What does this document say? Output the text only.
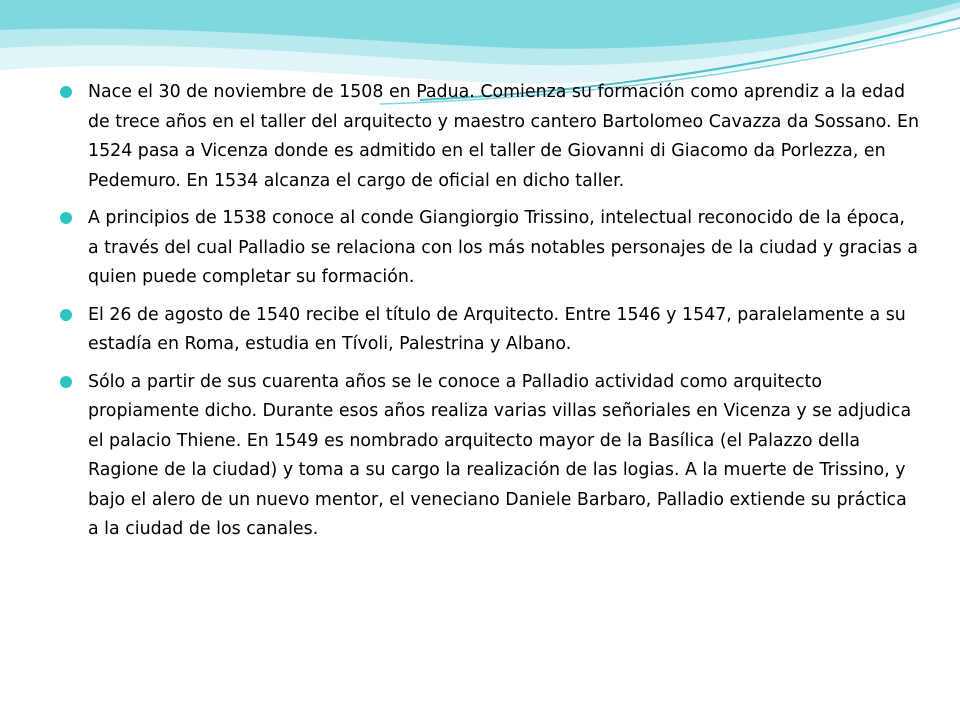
Nace el 30 de noviembre de 1508 en Padua. Comienza su formación como aprendiz a la edad de trece años en el taller del arquitecto y maestro cantero Bartolomeo Cavazza da Sossano. En 1524 pasa a Vicenza donde es admitido en el taller de Giovanni di Giacomo da Porlezza, en Pedemuro. En 1534 alcanza el cargo de oficial en dicho taller.
A principios de 1538 conoce al conde Giangiorgio Trissino, intelectual reconocido de la época, a través del cual Palladio se relaciona con los más notables personajes de la ciudad y gracias a quien puede completar su formación.
El 26 de agosto de 1540 recibe el título de Arquitecto. Entre 1546 y 1547, paralelamente a su estadía en Roma, estudia en Tívoli, Palestrina y Albano.
Sólo a partir de sus cuarenta años se le conoce a Palladio actividad como arquitecto propiamente dicho. Durante esos años realiza varias villas señoriales en Vicenza y se adjudica el palacio Thiene. En 1549 es nombrado arquitecto mayor de la Basílica (el Palazzo della Ragione de la ciudad) y toma a su cargo la realización de las logias. A la muerte de Trissino, y bajo el alero de un nuevo mentor, el veneciano Daniele Barbaro, Palladio extiende su práctica a la ciudad de los canales.
